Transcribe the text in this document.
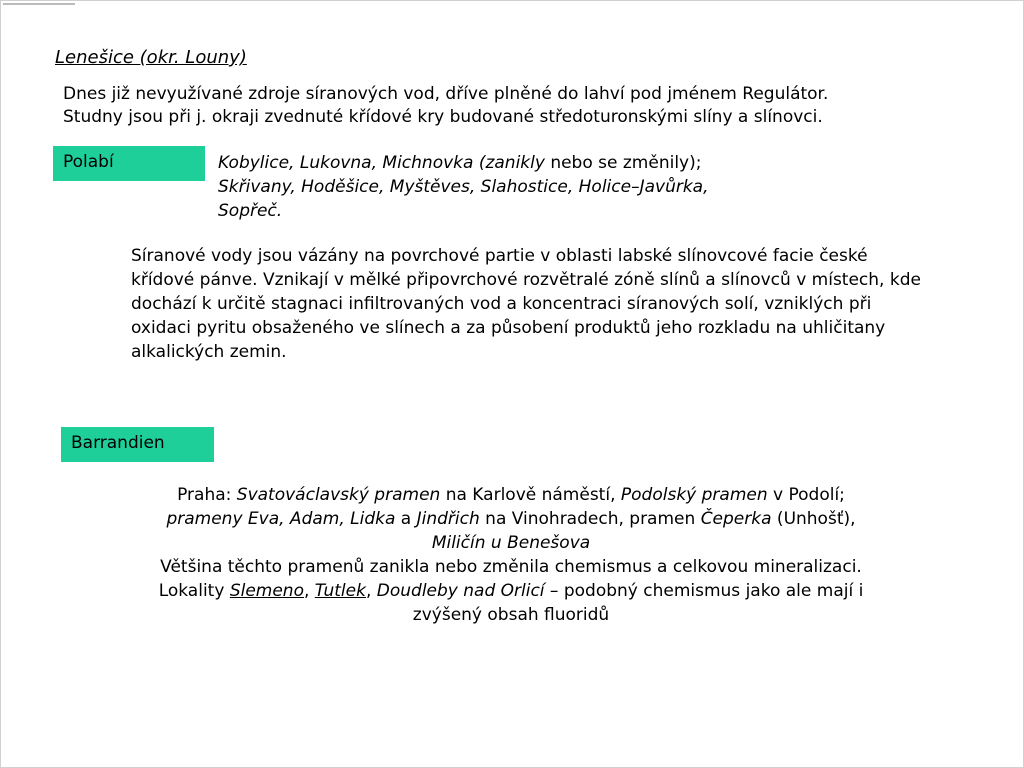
Lenešice (okr. Louny)
Dnes již nevyužívané zdroje síranových vod, dříve plněné do lahví pod jménem Regulátor.
Studny jsou při j. okraji zvednuté křídové kry budované středoturonskými slíny a slínovci.
Polabí	Kobylice, Lukovna, Michnovka (zanikly nebo se změnily);
Skřivany, Hoděšice, Myštěves, Slahostice, Holice–Javůrka,
Sopřeč.
Síranové vody jsou vázány na povrchové partie v oblasti labské slínovcové facie české křídové pánve. Vznikají v mělké připovrchové rozvětralé zóně slínů a slínovců v místech, kde dochází k určitě stagnaci infiltrovaných vod a koncentraci síranových solí, vzniklých při oxidaci pyritu obsaženého ve slínech a za působení produktů jeho rozkladu na uhličitany alkalických zemin.
Barrandien
Praha: Svatováclavský pramen na Karlově náměstí, Podolský pramen v Podolí; prameny Eva, Adam, Lidka a Jindřich na Vinohradech, pramen Čeperka (Unhošť), Miličín u Benešova
Většina těchto pramenů zanikla nebo změnila chemismus a celkovou mineralizaci.
Lokality Slemeno, Tutlek, Doudleby nad Orlicí – podobný chemismus jako ale mají i zvýšený obsah fluoridů
